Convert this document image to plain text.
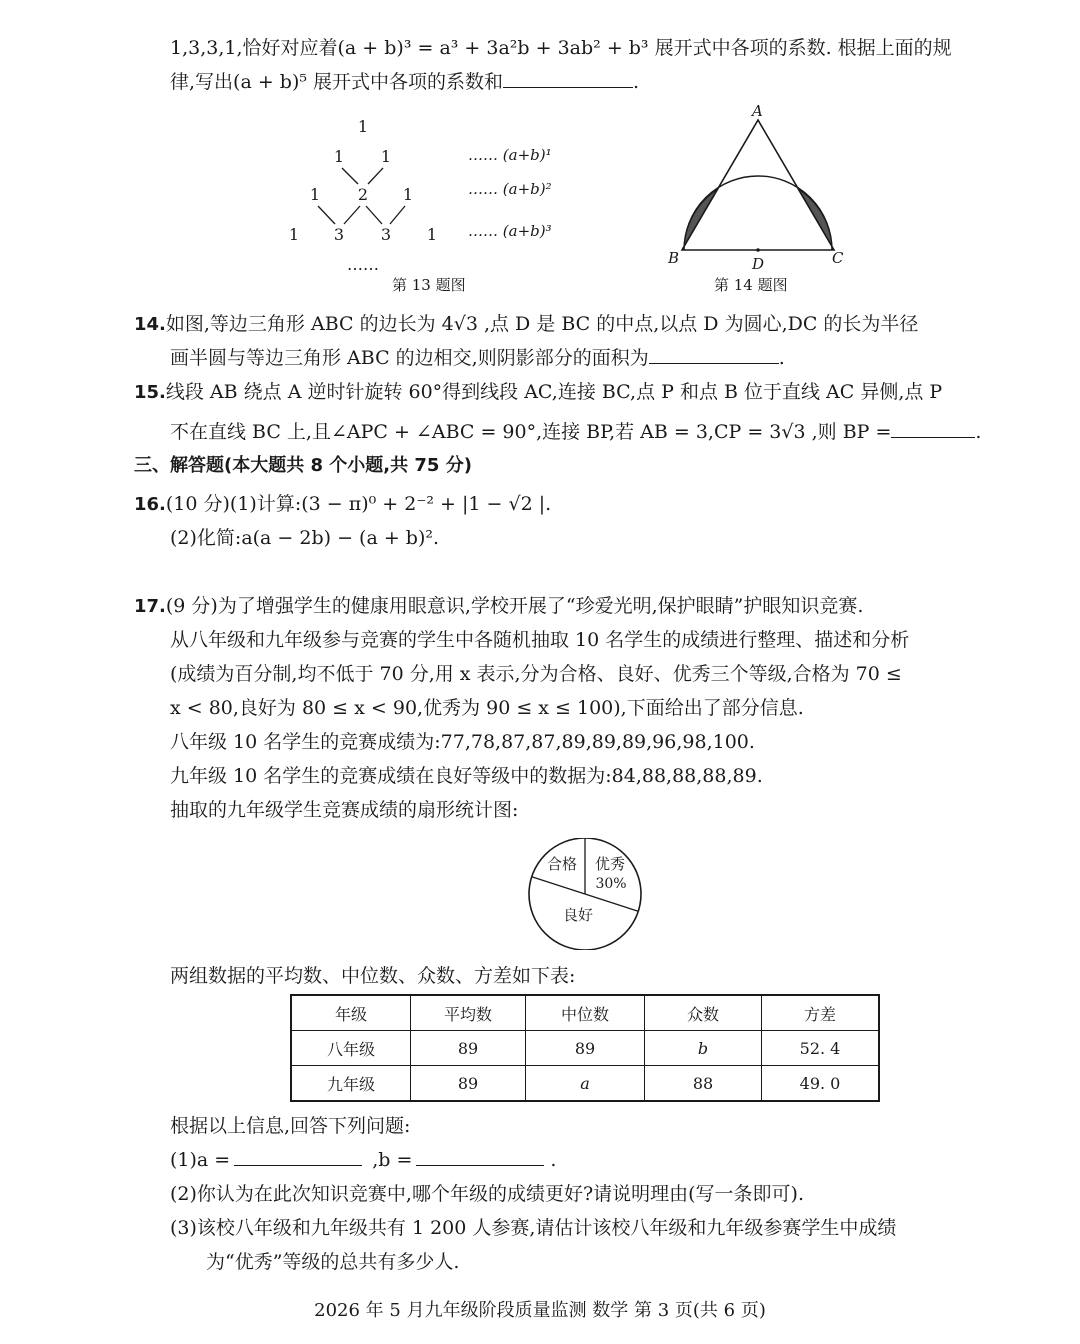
1,3,3,1,恰好对应着(a + b)³ = a³ + 3a²b + 3ab² + b³ 展开式中各项的系数. 根据上面的规
律,写出(a + b)⁵ 展开式中各项的系数和	.
1
1 1
1 2 1
1 3 3 1
……
…… (a+b)¹
…… (a+b)²
…… (a+b)³
第 13 题图
A
B	C
D
第 14 题图
14.如图,等边三角形 ABC 的边长为 4√3 ,点 D 是 BC 的中点,以点 D 为圆心,DC 的长为半径
画半圆与等边三角形 ABC 的边相交,则阴影部分的面积为	.
15.线段 AB 绕点 A 逆时针旋转 60°得到线段 AC,连接 BC,点 P 和点 B 位于直线 AC 异侧,点 P
不在直线 BC 上,且∠APC + ∠ABC = 90°,连接 BP,若 AB = 3,CP = 3√3 ,则 BP =	.
三、解答题(本大题共 8 个小题,共 75 分)
16.(10 分)(1)计算:(3 − π)⁰ + 2⁻² + |1 − √2 |.
(2)化简:a(a − 2b) − (a + b)².
17.(9 分)为了增强学生的健康用眼意识,学校开展了“珍爱光明,保护眼睛”护眼知识竞赛.
从八年级和九年级参与竞赛的学生中各随机抽取 10 名学生的成绩进行整理、描述和分析
(成绩为百分制,均不低于 70 分,用 x 表示,分为合格、良好、优秀三个等级,合格为 70 ≤
x < 80,良好为 80 ≤ x < 90,优秀为 90 ≤ x ≤ 100),下面给出了部分信息.
八年级 10 名学生的竞赛成绩为:77,78,87,87,89,89,89,96,98,100.
九年级 10 名学生的竞赛成绩在良好等级中的数据为:84,88,88,88,89.
抽取的九年级学生竞赛成绩的扇形统计图:
合格 优秀
30%
良好
两组数据的平均数、中位数、众数、方差如下表:
年级	平均数	中位数	众数	方差
八年级	89	89	b	52. 4
九年级	89	a	88	49. 0
根据以上信息,回答下列问题:
(1)a =	,b =	.
(2)你认为在此次知识竞赛中,哪个年级的成绩更好?请说明理由(写一条即可).
(3)该校八年级和九年级共有 1 200 人参赛,请估计该校八年级和九年级参赛学生中成绩
为“优秀”等级的总共有多少人.
2026 年 5 月九年级阶段质量监测 数学 第 3 页(共 6 页)
